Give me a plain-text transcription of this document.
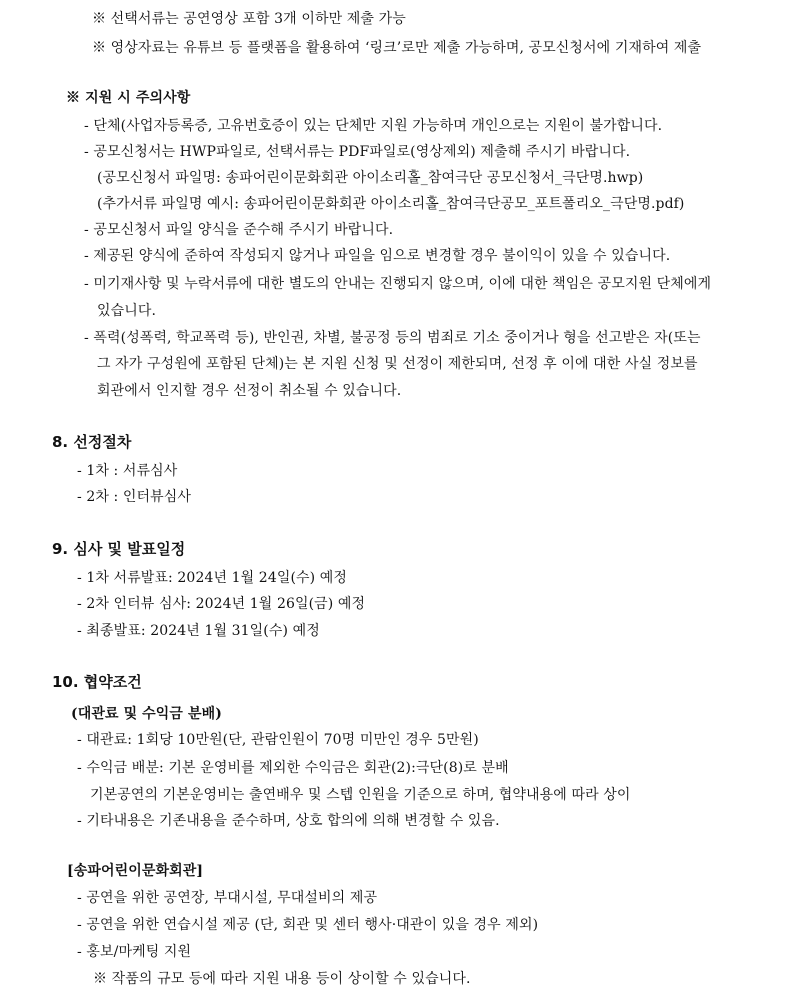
※ 선택서류는 공연영상 포함 3개 이하만 제출 가능
※ 영상자료는 유튜브 등 플랫폼을 활용하여 ‘링크’로만 제출 가능하며, 공모신청서에 기재하여 제출
※ 지원 시 주의사항
- 단체(사업자등록증, 고유번호증이 있는 단체만 지원 가능하며 개인으로는 지원이 불가합니다.
- 공모신청서는 HWP파일로, 선택서류는 PDF파일로(영상제외) 제출해 주시기 바랍니다.
(공모신청서 파일명: 송파어린이문화회관 아이소리홀_참여극단 공모신청서_극단명.hwp)
(추가서류 파일명 예시: 송파어린이문화회관 아이소리홀_참여극단공모_포트폴리오_극단명.pdf)
- 공모신청서 파일 양식을 준수해 주시기 바랍니다.
- 제공된 양식에 준하여 작성되지 않거나 파일을 임으로 변경할 경우 불이익이 있을 수 있습니다.
- 미기재사항 및 누락서류에 대한 별도의 안내는 진행되지 않으며, 이에 대한 책임은 공모지원 단체에게
있습니다.
- 폭력(성폭력, 학교폭력 등), 반인권, 차별, 불공정 등의 범죄로 기소 중이거나 형을 선고받은 자(또는
그 자가 구성원에 포함된 단체)는 본 지원 신청 및 선정이 제한되며, 선정 후 이에 대한 사실 정보를
회관에서 인지할 경우 선정이 취소될 수 있습니다.
8. 선정절차
- 1차 : 서류심사
- 2차 : 인터뷰심사
9. 심사 및 발표일정
- 1차 서류발표: 2024년 1월 24일(수) 예정
- 2차 인터뷰 심사: 2024년 1월 26일(금) 예정
- 최종발표: 2024년 1월 31일(수) 예정
10. 협약조건
(대관료 및 수익금 분배)
- 대관료: 1회당 10만원(단, 관람인원이 70명 미만인 경우 5만원)
- 수익금 배분: 기본 운영비를 제외한 수익금은 회관(2):극단(8)로 분배
기본공연의 기본운영비는 출연배우 및 스텝 인원을 기준으로 하며, 협약내용에 따라 상이
- 기타내용은 기존내용을 준수하며, 상호 합의에 의해 변경할 수 있음.
[송파어린이문화회관]
- 공연을 위한 공연장, 부대시설, 무대설비의 제공
- 공연을 위한 연습시설 제공 (단, 회관 및 센터 행사·대관이 있을 경우 제외)
- 홍보/마케팅 지원
※ 작품의 규모 등에 따라 지원 내용 등이 상이할 수 있습니다.
